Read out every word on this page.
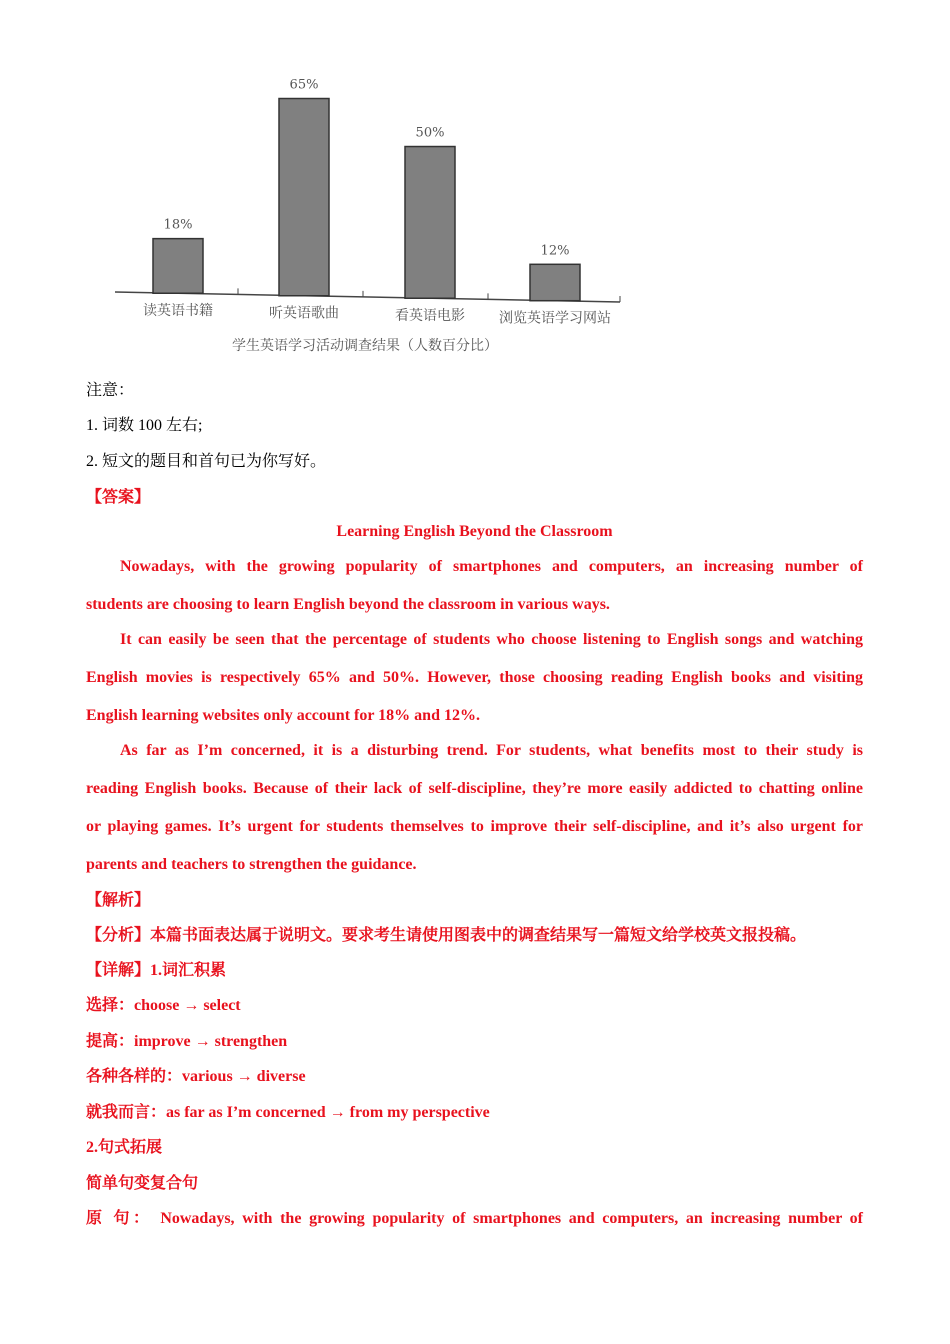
18%
读英语书籍
65%
听英语歌曲
50%
看英语电影
12%
浏览英语学习网站
学生英语学习活动调查结果（人数百分比）
注意：
1. 词数 100 左右;
2. 短文的题目和首句已为你写好。
【答案】
Learning English Beyond the Classroom
Nowadays, with the growing popularity of smartphones and computers, an increasing number of
students are choosing to learn English beyond the classroom in various ways.
It can easily be seen that the percentage of students who choose listening to English songs and watching
English movies is respectively 65% and 50%. However, those choosing reading English books and visiting
English learning websites only account for 18% and 12%.
As far as I’m concerned, it is a disturbing trend. For students, what benefits most to their study is
reading English books. Because of their lack of self-discipline, they’re more easily addicted to chatting online
or playing games. It’s urgent for students themselves to improve their self-discipline, and it’s also urgent for
parents and teachers to strengthen the guidance.
【解析】
【分析】本篇书面表达属于说明文。要求考生请使用图表中的调查结果写一篇短文给学校英文报投稿。
【详解】1.词汇积累
选择：choose → select
提高：improve → strengthen
各种各样的：various → diverse
就我而言：as far as I’m concerned → from my perspective
2.句式拓展
简单句变复合句
原 句： Nowadays, with the growing popularity of smartphones and computers, an increasing number of
